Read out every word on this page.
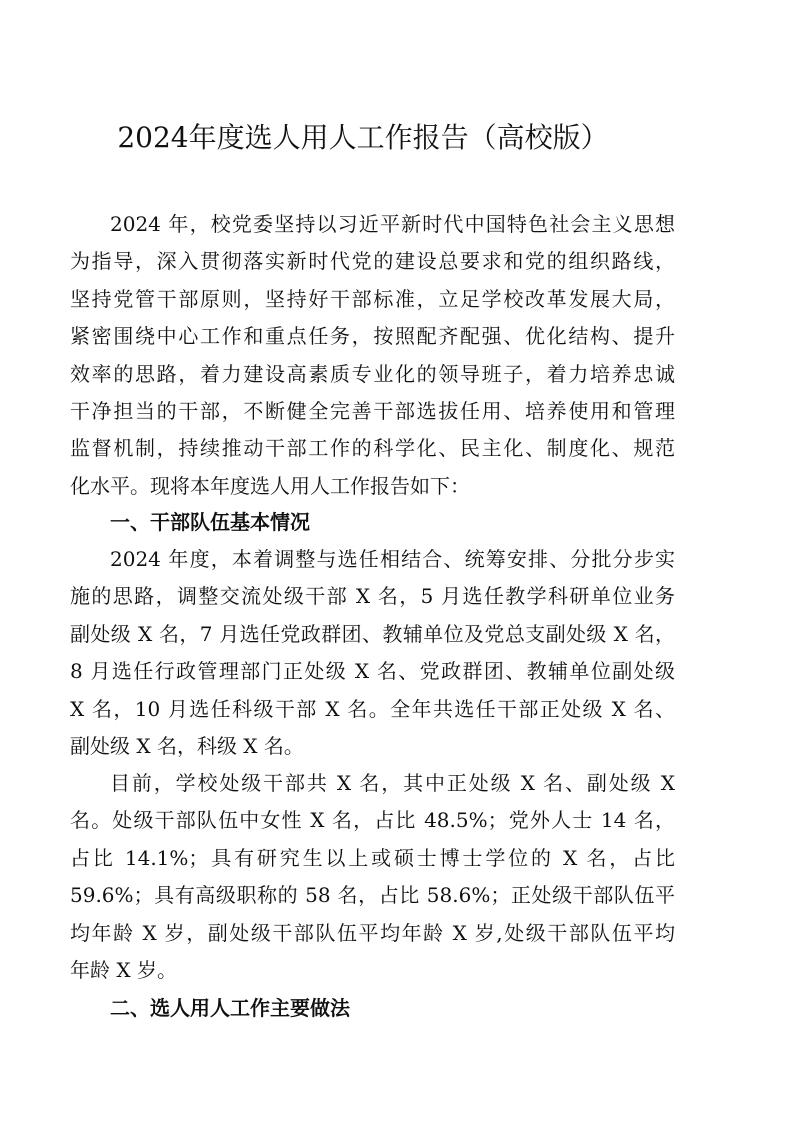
2024年度选人用人工作报告（高校版）
2024 年，校党委坚持以习近平新时代中国特色社会主义思想
为指导，深入贯彻落实新时代党的建设总要求和党的组织路线，
坚持党管干部原则，坚持好干部标准，立足学校改革发展大局，
紧密围绕中心工作和重点任务，按照配齐配强、优化结构、提升
效率的思路，着力建设高素质专业化的领导班子，着力培养忠诚
干净担当的干部，不断健全完善干部选拔任用、培养使用和管理
监督机制，持续推动干部工作的科学化、民主化、制度化、规范
化水平。现将本年度选人用人工作报告如下：
一、干部队伍基本情况
2024 年度，本着调整与选任相结合、统筹安排、分批分步实
施的思路，调整交流处级干部 X 名，5 月选任教学科研单位业务
副处级 X 名，7 月选任党政群团、教辅单位及党总支副处级 X 名，
8 月选任行政管理部门正处级 X 名、党政群团、教辅单位副处级
X 名，10 月选任科级干部 X 名。全年共选任干部正处级 X 名、
副处级 X 名，科级 X 名。
目前，学校处级干部共 X 名，其中正处级 X 名、副处级 X
名。处级干部队伍中女性 X 名，占比 48.5%；党外人士 14 名，
占比 14.1%；具有研究生以上或硕士博士学位的 X 名，占比
59.6%；具有高级职称的 58 名，占比 58.6%；正处级干部队伍平
均年龄 X 岁，副处级干部队伍平均年龄 X 岁,处级干部队伍平均
年龄 X 岁。
二、选人用人工作主要做法
